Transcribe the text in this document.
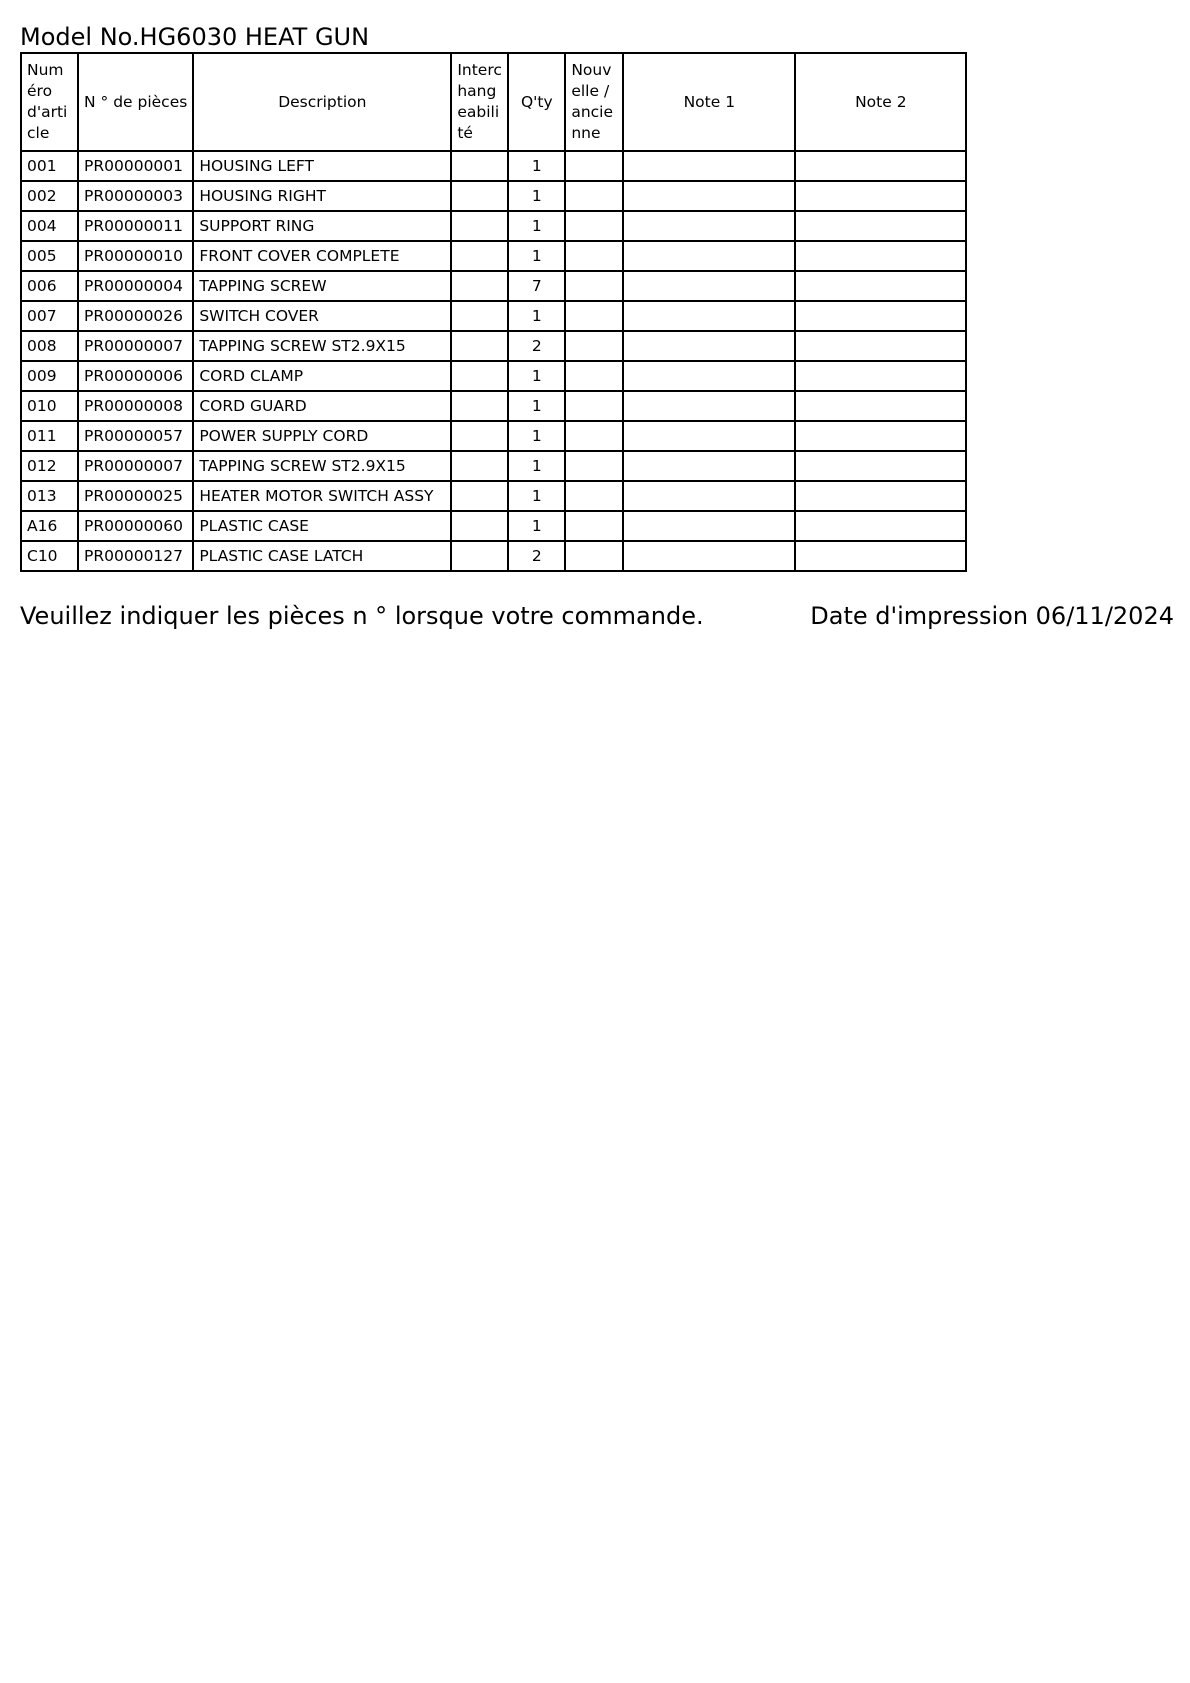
Model No.HG6030 HEAT GUN
Numéro d'article	N ° de pièces	Description	Interchangeabilité	Q'ty	Nouvelle / ancienne	Note 1	Note 2
001	PR00000001	HOUSING LEFT		1			
002	PR00000003	HOUSING RIGHT		1			
004	PR00000011	SUPPORT RING		1			
005	PR00000010	FRONT COVER COMPLETE		1			
006	PR00000004	TAPPING SCREW		7			
007	PR00000026	SWITCH COVER		1			
008	PR00000007	TAPPING SCREW ST2.9X15		2			
009	PR00000006	CORD CLAMP		1			
010	PR00000008	CORD GUARD		1			
011	PR00000057	POWER SUPPLY CORD		1			
012	PR00000007	TAPPING SCREW ST2.9X15		1			
013	PR00000025	HEATER MOTOR SWITCH ASSY		1			
A16	PR00000060	PLASTIC CASE		1			
C10	PR00000127	PLASTIC CASE LATCH		2			
Veuillez indiquer les pièces n ° lorsque votre commande.	Date d'impression 06/11/2024
